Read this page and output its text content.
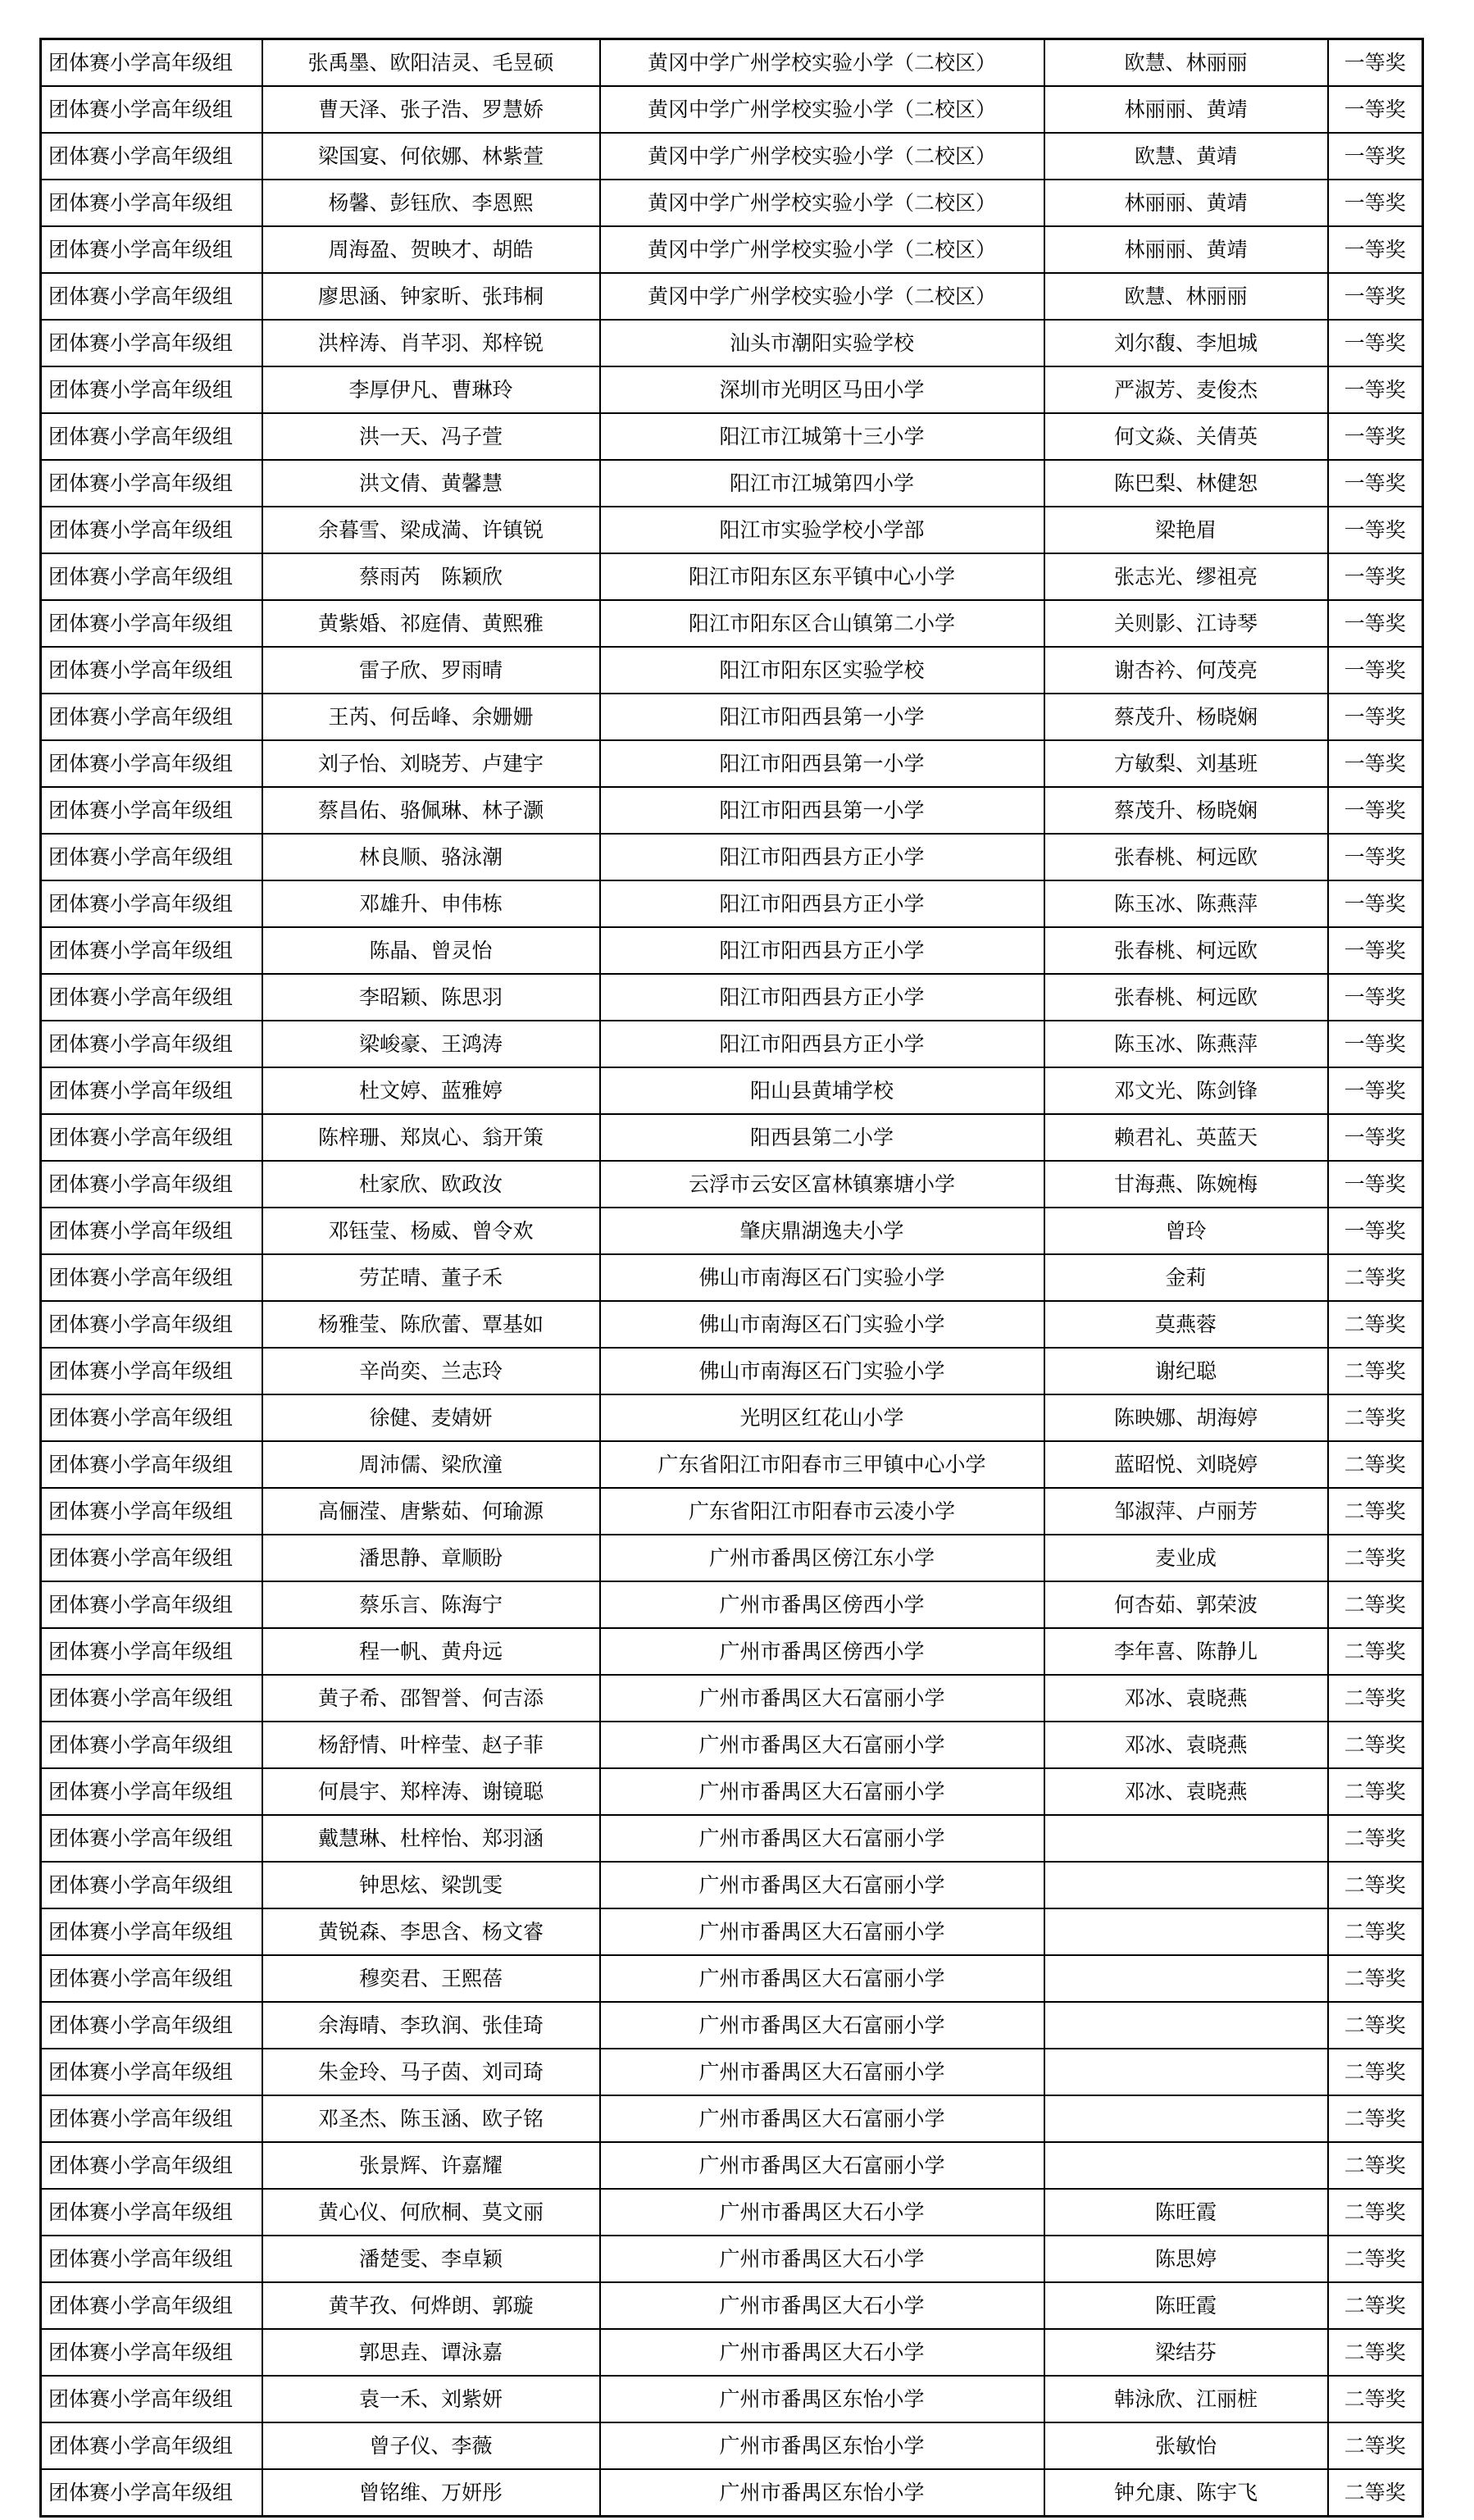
团体赛小学高年级组	张禹墨、欧阳洁灵、毛昱硕	黄冈中学广州学校实验小学（二校区）	欧慧、林丽丽	一等奖
团体赛小学高年级组	曹天泽、张子浩、罗慧娇	黄冈中学广州学校实验小学（二校区）	林丽丽、黄靖	一等奖
团体赛小学高年级组	梁国宴、何依娜、林紫萱	黄冈中学广州学校实验小学（二校区）	欧慧、黄靖	一等奖
团体赛小学高年级组	杨馨、彭钰欣、李恩熙	黄冈中学广州学校实验小学（二校区）	林丽丽、黄靖	一等奖
团体赛小学高年级组	周海盈、贺映才、胡皓	黄冈中学广州学校实验小学（二校区）	林丽丽、黄靖	一等奖
团体赛小学高年级组	廖思涵、钟家昕、张玮桐	黄冈中学广州学校实验小学（二校区）	欧慧、林丽丽	一等奖
团体赛小学高年级组	洪梓涛、肖芊羽、郑梓锐	汕头市潮阳实验学校	刘尔馥、李旭城	一等奖
团体赛小学高年级组	李厚伊凡、曹琳玲	深圳市光明区马田小学	严淑芳、麦俊杰	一等奖
团体赛小学高年级组	洪一天、冯子萱	阳江市江城第十三小学	何文焱、关倩英	一等奖
团体赛小学高年级组	洪文倩、黄馨慧	阳江市江城第四小学	陈巴梨、林健恕	一等奖
团体赛小学高年级组	余暮雪、梁成満、许镇锐	阳江市实验学校小学部	梁艳眉	一等奖
团体赛小学高年级组	蔡雨芮　陈颖欣	阳江市阳东区东平镇中心小学	张志光、缪祖亮	一等奖
团体赛小学高年级组	黄紫婚、祁庭倩、黄熙雅	阳江市阳东区合山镇第二小学	关则影、江诗琴	一等奖
团体赛小学高年级组	雷子欣、罗雨晴	阳江市阳东区实验学校	谢杏衿、何茂亮	一等奖
团体赛小学高年级组	王芮、何岳峰、余姗姗	阳江市阳西县第一小学	蔡茂升、杨晓娴	一等奖
团体赛小学高年级组	刘子怡、刘晓芳、卢建宇	阳江市阳西县第一小学	方敏梨、刘基班	一等奖
团体赛小学高年级组	蔡昌佑、骆佩琳、林子灏	阳江市阳西县第一小学	蔡茂升、杨晓娴	一等奖
团体赛小学高年级组	林良顺、骆泳潮	阳江市阳西县方正小学	张春桃、柯远欧	一等奖
团体赛小学高年级组	邓雄升、申伟栋	阳江市阳西县方正小学	陈玉冰、陈燕萍	一等奖
团体赛小学高年级组	陈晶、曾灵怡	阳江市阳西县方正小学	张春桃、柯远欧	一等奖
团体赛小学高年级组	李昭颖、陈思羽	阳江市阳西县方正小学	张春桃、柯远欧	一等奖
团体赛小学高年级组	梁峻豪、王鸿涛	阳江市阳西县方正小学	陈玉冰、陈燕萍	一等奖
团体赛小学高年级组	杜文婷、蓝雅婷	阳山县黄埔学校	邓文光、陈剑锋	一等奖
团体赛小学高年级组	陈梓珊、郑岚心、翁开策	阳西县第二小学	赖君礼、英蓝天	一等奖
团体赛小学高年级组	杜家欣、欧政汝	云浮市云安区富林镇寨塘小学	甘海燕、陈婉梅	一等奖
团体赛小学高年级组	邓钰莹、杨威、曾令欢	肇庆鼎湖逸夫小学	曾玲	一等奖
团体赛小学高年级组	劳芷晴、董子禾	佛山市南海区石门实验小学	金莉	二等奖
团体赛小学高年级组	杨雅莹、陈欣蕾、覃基如	佛山市南海区石门实验小学	莫燕蓉	二等奖
团体赛小学高年级组	辛尚奕、兰志玲	佛山市南海区石门实验小学	谢纪聪	二等奖
团体赛小学高年级组	徐健、麦婧妍	光明区红花山小学	陈映娜、胡海婷	二等奖
团体赛小学高年级组	周沛儒、梁欣潼	广东省阳江市阳春市三甲镇中心小学	蓝昭悦、刘晓婷	二等奖
团体赛小学高年级组	高俪滢、唐紫茹、何瑜源	广东省阳江市阳春市云凌小学	邹淑萍、卢丽芳	二等奖
团体赛小学高年级组	潘思静、章顺盼	广州市番禺区傍江东小学	麦业成	二等奖
团体赛小学高年级组	蔡乐言、陈海宁	广州市番禺区傍西小学	何杏茹、郭荣波	二等奖
团体赛小学高年级组	程一帆、黄舟远	广州市番禺区傍西小学	李年喜、陈静儿	二等奖
团体赛小学高年级组	黄子希、邵智誉、何吉添	广州市番禺区大石富丽小学	邓冰、袁晓燕	二等奖
团体赛小学高年级组	杨舒情、叶梓莹、赵子菲	广州市番禺区大石富丽小学	邓冰、袁晓燕	二等奖
团体赛小学高年级组	何晨宇、郑梓涛、谢镜聪	广州市番禺区大石富丽小学	邓冰、袁晓燕	二等奖
团体赛小学高年级组	戴慧琳、杜梓怡、郑羽涵	广州市番禺区大石富丽小学		二等奖
团体赛小学高年级组	钟思炫、梁凯雯	广州市番禺区大石富丽小学		二等奖
团体赛小学高年级组	黄锐森、李思含、杨文睿	广州市番禺区大石富丽小学		二等奖
团体赛小学高年级组	穆奕君、王熙蓓	广州市番禺区大石富丽小学		二等奖
团体赛小学高年级组	余海晴、李玖润、张佳琦	广州市番禺区大石富丽小学		二等奖
团体赛小学高年级组	朱金玲、马子茵、刘司琦	广州市番禺区大石富丽小学		二等奖
团体赛小学高年级组	邓圣杰、陈玉涵、欧子铭	广州市番禺区大石富丽小学		二等奖
团体赛小学高年级组	张景辉、许嘉耀	广州市番禺区大石富丽小学		二等奖
团体赛小学高年级组	黄心仪、何欣桐、莫文丽	广州市番禺区大石小学	陈旺霞	二等奖
团体赛小学高年级组	潘楚雯、李卓颖	广州市番禺区大石小学	陈思婷	二等奖
团体赛小学高年级组	黄芊孜、何烨朗、郭璇	广州市番禺区大石小学	陈旺霞	二等奖
团体赛小学高年级组	郭思垚、谭泳嘉	广州市番禺区大石小学	梁结芬	二等奖
团体赛小学高年级组	袁一禾、刘紫妍	广州市番禺区东怡小学	韩泳欣、江丽桩	二等奖
团体赛小学高年级组	曾子仪、李薇	广州市番禺区东怡小学	张敏怡	二等奖
团体赛小学高年级组	曾铭维、万妍彤	广州市番禺区东怡小学	钟允康、陈宇飞	二等奖
